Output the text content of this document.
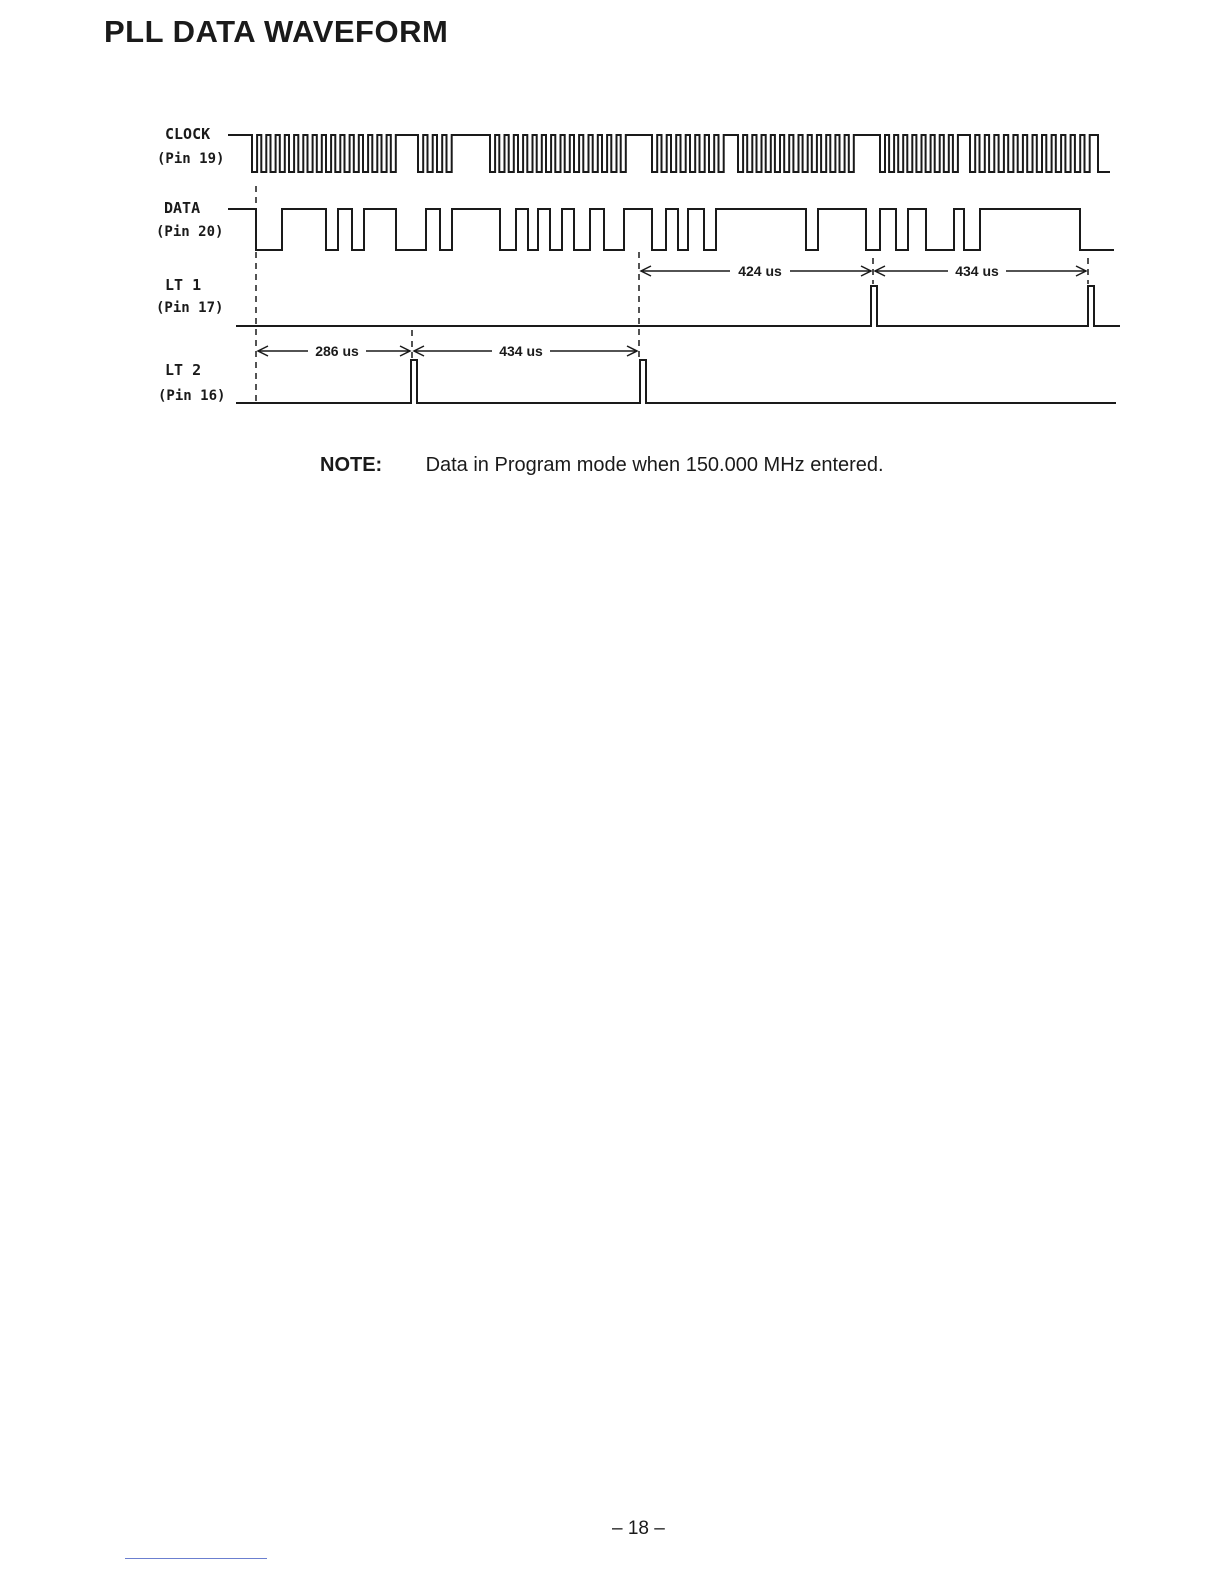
PLL DATA WAVEFORM
CLOCK
(Pin 19)
DATA
(Pin 20)
LT 1
(Pin 17)
LT 2
(Pin 16)
424 us	434 us
286 us	434 us
NOTE: Data in Program mode when 150.000 MHz entered.
– 18 –
